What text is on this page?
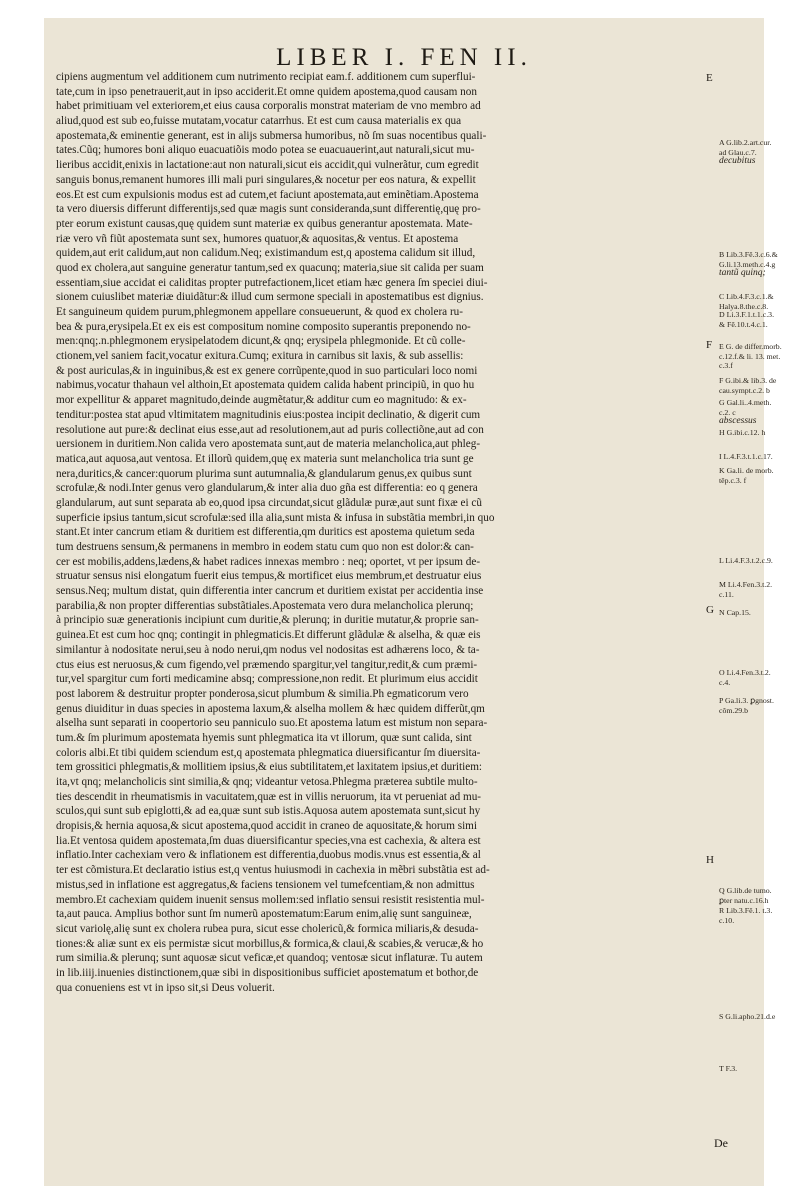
LIBER I. FEN II.
cipiens augmentum vel additionem cum nutrimento recipiat eam.f. additionem cum superflui-
tate,cum in ipso penetrauerit,aut in ipso acciderit.Et omne quidem apostema,quod causam non
habet primitiuam vel exteriorem,et eius causa corporalis monstrat materiam de vno membro ad
aliud,quod est sub eo,fuisse mutatam,vocatur catarrhus. Et est cum causa materialis ex qua
apostemata,& eminentie generant, est in alijs submersa humoribus, nõ ſm suas nocentibus quali-
tates.Cũq; humores boni aliquo euacuatiõis modo potea se euacuauerint,aut naturali,sicut mu-
lieribus accidit,enixis in lactatione:aut non naturali,sicut eis accidit,qui vulnerãtur, cum egredit
sanguis bonus,remanent humores illi mali puri singulares,& nocetur per eos natura, & expellit
eos.Et est cum expulsionis modus est ad cutem,et faciunt apostemata,aut eminẽtiam.Apostema
ta vero diuersis differunt differentijs,sed quæ magis sunt consideranda,sunt differentię,quę pro-
pter eorum existunt causas,quę quidem sunt materiæ ex quibus generantur apostemata. Mate-
riæ vero vñ fiũt apostemata sunt sex, humores quatuor,& aquositas,& ventus. Et apostema
quidem,aut erit calidum,aut non calidum.Neq; existimandum est,q apostema calidum sit illud,
quod ex cholera,aut sanguine generatur tantum,sed ex quacunq; materia,siue sit calida per suam
essentiam,siue accidat ei caliditas propter putrefactionem,licet etiam hæc genera ſm speciei diui-
sionem cuiuslibet materiæ diuidãtur:& illud cum sermone speciali in apostematibus est dignius.
Et sanguineum quidem purum,phlegmonem appellare consueuerunt, & quod ex cholera ru-
bea & pura,erysipela.Et ex eis est compositum nomine composito superantis preponendo no-
men:qnq;.n.phlegmonem erysipelatodem dicunt,& qnq; erysipela phlegmonide. Et cũ colle-
ctionem,vel saniem facit,vocatur exitura.Cumq; exitura in carnibus sit laxis, & sub assellis:
& post auriculas,& in inguinibus,& est ex genere corrũpente,quod in suo particulari loco nomi
nabimus,vocatur thahaun vel althoin,Et apostemata quidem calida habent principiũ, in quo hu
mor expellitur & apparet magnitudo,deinde augmẽtatur,& additur cum eo magnitudo: & ex-
tenditur:postea stat apud vltimitatem magnitudinis eius:postea incipit declinatio, & digerit cum
resolutione aut pure:& declinat eius esse,aut ad resolutionem,aut ad puris collectiõne,aut ad con
uersionem in duritiem.Non calida vero apostemata sunt,aut de materia melancholica,aut phleg-
matica,aut aquosa,aut ventosa. Et illorũ quidem,quę ex materia sunt melancholica tria sunt ge
nera,duritics,& cancer:quorum plurima sunt autumnalia,& glandularum genus,ex quibus sunt
scrofulæ,& nodi.Inter genus vero glandularum,& inter alia duo gña est differentia: eo q genera
glandularum, aut sunt separata ab eo,quod ipsa circundat,sicut glãdulæ puræ,aut sunt fixæ ei cũ
superficie ipsius tantum,sicut scrofulæ:sed illa alia,sunt mista & infusa in substãtia membri,in quo
stant.Et inter cancrum etiam & duritiem est differentia,qm duritics est apostema quietum seda
tum destruens sensum,& permanens in membro in eodem statu cum quo non est dolor:& can-
cer est mobilis,addens,lædens,& habet radices innexas membro : neq; oportet, vt per ipsum de-
struatur sensus nisi elongatum fuerit eius tempus,& mortificet eius membrum,et destruatur eius
sensus.Neq; multum distat, quin differentia inter cancrum et duritiem existat per accidentia inse
parabilia,& non propter differentias substãtiales.Apostemata vero dura melancholica plerunq;
à principio suæ generationis incipiunt cum duritie,& plerunq; in duritie mutatur,& proprie san-
guinea.Et est cum hoc qnq; contingit in phlegmaticis.Et differunt glãdulæ & alselha, & quæ eis
similantur à nodositate nerui,seu à nodo nerui,qm nodus vel nodositas est adhærens loco, & ta-
ctus eius est neruosus,& cum figendo,vel præmendo spargitur,vel tangitur,redit,& cum præmi-
tur,vel spargitur cum forti medicamine absq; compressione,non redit. Et plurimum eius accidit
post laborem & destruitur propter ponderosa,sicut plumbum & similia.Ph egmaticorum vero
genus diuiditur in duas species in apostema laxum,& alselha mollem & hæc quidem differũt,qm
alselha sunt separati in coopertorio seu panniculo suo.Et apostema latum est mistum non separa-
tum.& ſm plurimum apostemata hyemis sunt phlegmatica ita vt illorum, quæ sunt calida, sint
coloris albi.Et tibi quidem sciendum est,q apostemata phlegmatica diuersificantur ſm diuersita-
tem grossitici phlegmatis,& mollitiem ipsius,& eius subtilitatem,et laxitatem ipsius,et duritiem:
ita,vt qnq; melancholicis sint similia,& qnq; videantur vetosa.Phlegma præterea subtile multo-
ties descendit in rheumatismis in vacuitatem,quæ est in villis neruorum, ita vt perueniat ad mu-
sculos,qui sunt sub epiglotti,& ad ea,quæ sunt sub istis.Aquosa autem apostemata sunt,sicut hy
dropisis,& hernia aquosa,& sicut apostema,quod accidit in craneo de aquositate,& horum simi
lia.Et ventosa quidem apostemata,ſm duas diuersificantur species,vna est cachexia, & altera est
inflatio.Inter cachexiam vero & inflationem est differentia,duobus modis.vnus est essentia,& al
ter est cõmistura.Et declaratio istius est,q ventus huiusmodi in cachexia in mẽbri substãtia est ad-
mistus,sed in inflatione est aggregatus,& faciens tensionem vel tumefcentiam,& non admittus
membro.Et cachexiam quidem inuenit sensus mollem:sed inflatio sensui resistit resistentia mul-
ta,aut pauca. Amplius bothor sunt ſm numerũ apostematum:Earum enim,alię sunt sanguineæ,
sicut variolę,alię sunt ex cholera rubea pura, sicut esse cholericũ,& formica miliaris,& desuda-
tiones:& aliæ sunt ex eis permistæ sicut morbillus,& formica,& claui,& scabies,& verucæ,& ho
rum similia.& plerunq; sunt aquosæ sicut veficæ,et quandoq; ventosæ sicut inflaturæ. Tu autem
in lib.iiij.inuenies distinctionem,quæ sibi in dispositionibus sufficiet apostematum et bothor,de
qua conueniens est vt in ipso sit,si Deus voluerit.
E
F
G
H
De
A G.lib.2.art.cur.
ad Glau.c.7.
decubitus
B Lib.3.Fẽ.3.c.6.&
G.li.13.meth.c.4.g
tantũ quinq;
C Lib.4.F.3.c.1.&
Halya.8.the.c.8.
D Li.3.F.1.t.1.c.3.
& Fẽ.10.t.4.c.1.
E G. de differ.morb.
c.12.f.& li. 13. met.
c.3.f
F G.ibi.& lib.3. de
cau.sympt.c.2. b
G Gal.li..4.meth.
c.2. c
abscessus
H G.ibi.c.12. h
I L.4.F.3.t.1.c.17.
K Ga.li. de morb.
tẽp.c.3. f
L Li.4.F.3.t.2.c.9.
M Li.4.Fen.3.t.2.
c.11.
N Cap.15.
O Li.4.Fen.3.t.2.
c.4.
P Ga.li.3. ꝑgnost.
cõm.29.b
Q G.lib.de tumo.
ꝑter natu.c.16.h
R Lib.3.Fẽ.1. t.3.
c.10.
S G.li.apho.21.d.e
T F.3.
